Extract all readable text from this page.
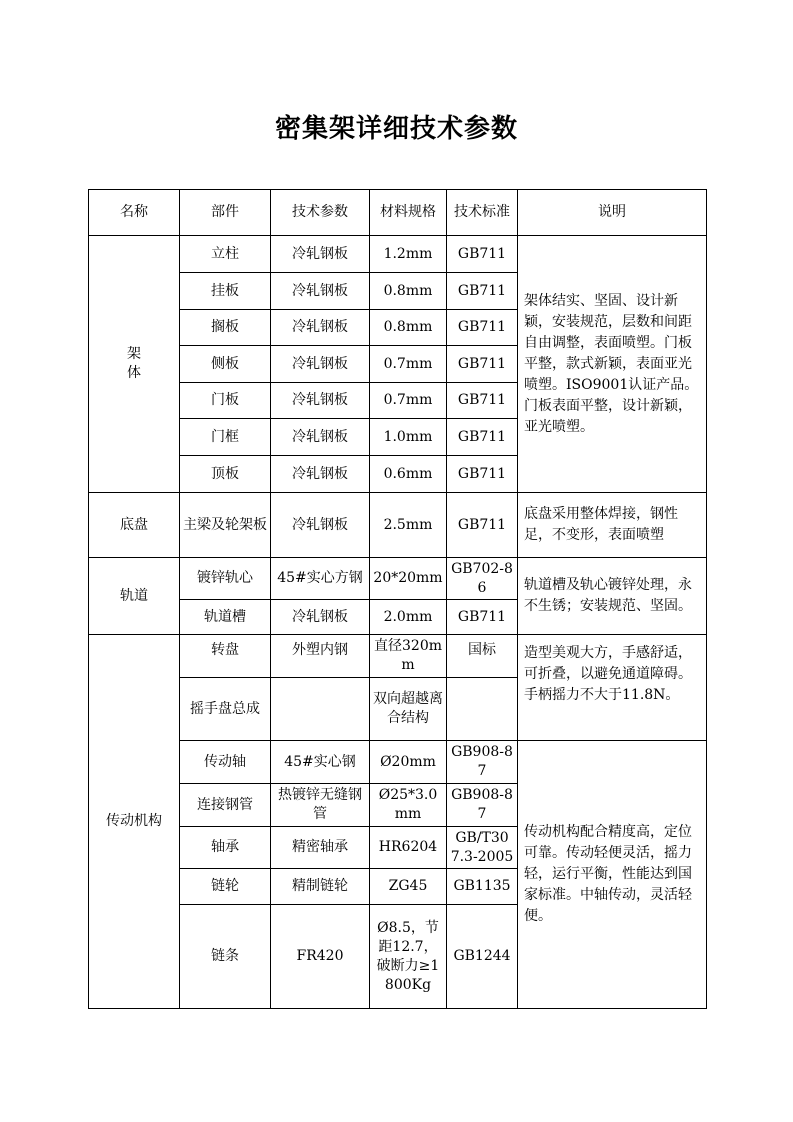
密集架详细技术参数
名称	部件	技术参数	材料规格	技术标准	说明
架
体	立柱	冷轧钢板	1.2mm	GB711	架体结实、坚固、设计新颖，安装规范，层数和间距自由调整，表面喷塑。门板平整，款式新颖，表面亚光喷塑。ISO9001认证产品。
门板表面平整，设计新颖，亚光喷塑。

	挂板	冷轧钢板	0.8mm	GB711	
	搁板	冷轧钢板	0.8mm	GB711	
	侧板	冷轧钢板	0.7mm	GB711	
	门板	冷轧钢板	0.7mm	GB711	
	门框	冷轧钢板	1.0mm	GB711	
	顶板	冷轧钢板	0.6mm	GB711	
底盘	主梁及轮架板	冷轧钢板	2.5mm	GB711	底盘采用整体焊接，钢性足，不变形，表面喷塑
轨道	镀锌轨心	45#实心方钢	20*20mm	GB702-86	轨道槽及轨心镀锌处理，永不生锈；安装规范、坚固。
	轨道槽	冷轧钢板	2.0mm	GB711	
传动机构	转盘	外塑内钢	直径320mm	国标	造型美观大方，手感舒适，可折叠，以避免通道障碍。手柄摇力不大于11.8N。
	摇手盘总成		双向超越离合结构		
	传动轴	45#实心钢	Ø20mm	GB908-87	传动机构配合精度高，定位可靠。传动轻便灵活，摇力轻，运行平衡，性能达到国家标准。中轴传动，灵活轻便。
	连接钢管	热镀锌无缝钢管	Ø25*3.0mm	GB908-87	
	轴承	精密轴承	HR6204	GB/T307.3-2005	
	链轮	精制链轮	ZG45	GB1135	
	链条	FR420	Ø8.5，节距12.7，破断力≥1800Kg	GB1244	
